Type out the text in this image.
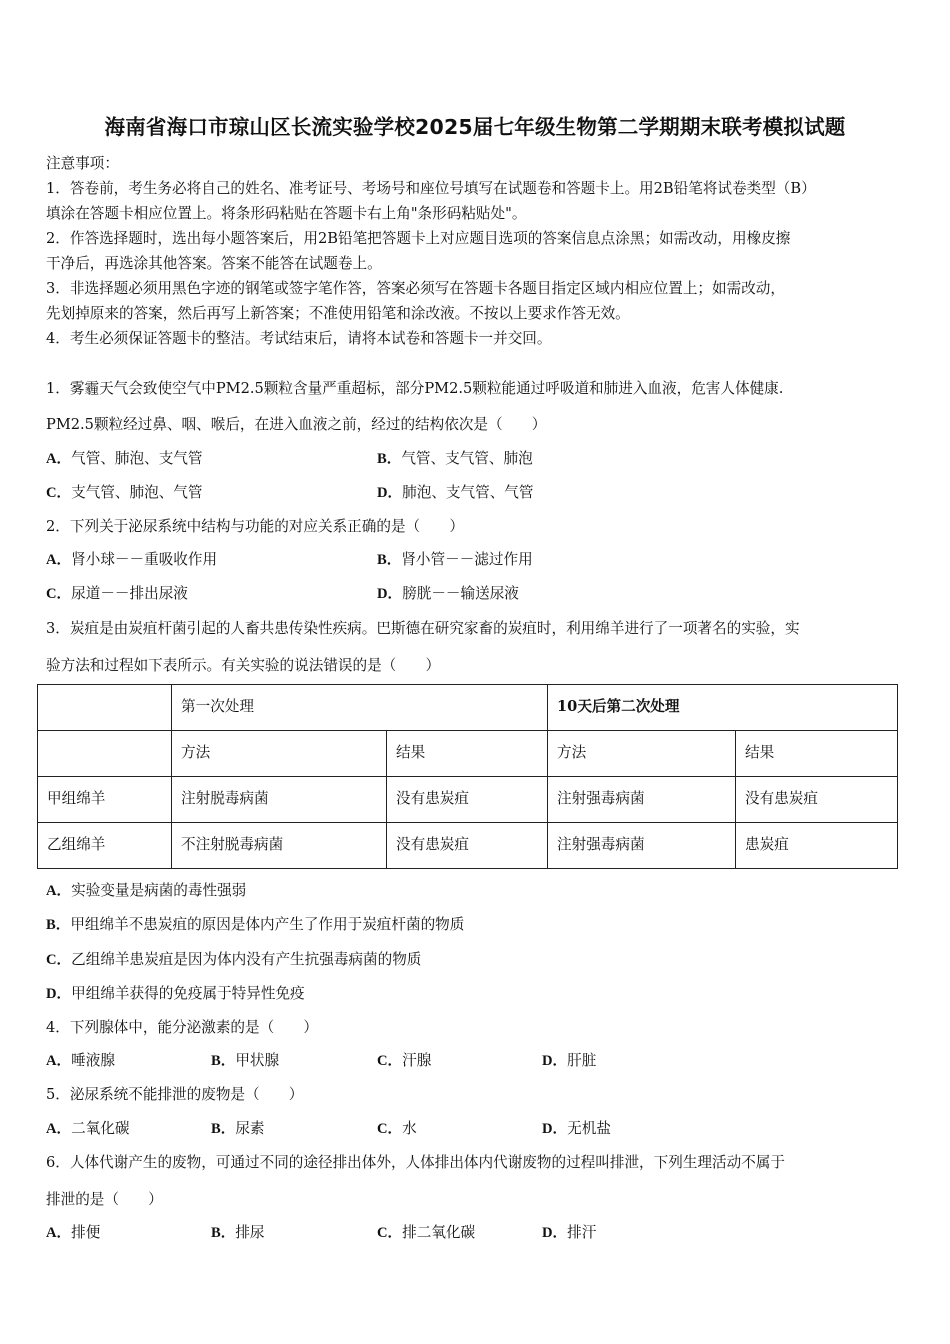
海南省海口市琼山区长流实验学校2025届七年级生物第二学期期末联考模拟试题
注意事项：
1．答卷前，考生务必将自己的姓名、准考证号、考场号和座位号填写在试题卷和答题卡上。用2B铅笔将试卷类型（B）
填涂在答题卡相应位置上。将条形码粘贴在答题卡右上角"条形码粘贴处"。
2．作答选择题时，选出每小题答案后，用2B铅笔把答题卡上对应题目选项的答案信息点涂黑；如需改动，用橡皮擦
干净后，再选涂其他答案。答案不能答在试题卷上。
3．非选择题必须用黑色字迹的钢笔或签字笔作答，答案必须写在答题卡各题目指定区域内相应位置上；如需改动，
先划掉原来的答案，然后再写上新答案；不准使用铅笔和涂改液。不按以上要求作答无效。
4．考生必须保证答题卡的整洁。考试结束后，请将本试卷和答题卡一并交回。
1．雾霾天气会致使空气中PM2.5颗粒含量严重超标，部分PM2.5颗粒能通过呼吸道和肺进入血液，危害人体健康.
PM2.5颗粒经过鼻、咽、喉后，在进入血液之前，经过的结构依次是（　　）
A．气管、肺泡、支气管	B．气管、支气管、肺泡
C．支气管、肺泡、气管	D．肺泡、支气管、气管
2．下列关于泌尿系统中结构与功能的对应关系正确的是（　　）
A．肾小球－－重吸收作用	B．肾小管－－滤过作用
C．尿道－－排出尿液	D．膀胱－－输送尿液
3．炭疽是由炭疽杆菌引起的人畜共患传染性疾病。巴斯德在研究家畜的炭疽时，利用绵羊进行了一项著名的实验，实
验方法和过程如下表所示。有关实验的说法错误的是（　　）
	第一次处理		10天后第二次处理	
	方法	结果	方法	结果
甲组绵羊	注射脱毒病菌	没有患炭疽	注射强毒病菌	没有患炭疽
乙组绵羊	不注射脱毒病菌	没有患炭疽	注射强毒病菌	患炭疽
A．实验变量是病菌的毒性强弱
B．甲组绵羊不患炭疽的原因是体内产生了作用于炭疽杆菌的物质
C．乙组绵羊患炭疽是因为体内没有产生抗强毒病菌的物质
D．甲组绵羊获得的免疫属于特异性免疫
4．下列腺体中，能分泌激素的是（　　）
A．唾液腺	B．甲状腺	C．汗腺	D．肝脏
5．泌尿系统不能排泄的废物是（　　）
A．二氧化碳	B．尿素	C．水	D．无机盐
6．人体代谢产生的废物，可通过不同的途径排出体外，人体排出体内代谢废物的过程叫排泄，下列生理活动不属于
排泄的是（　　）
A．排便	B．排尿	C．排二氧化碳	D．排汗
